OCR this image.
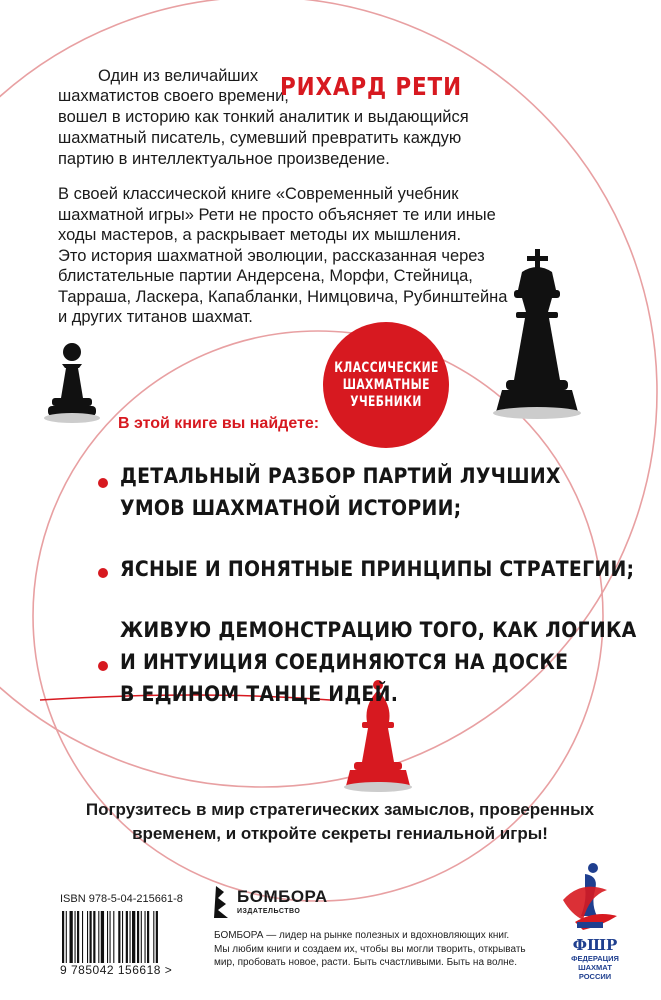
Один из величайших
шахматистов своего времени,
вошел в историю как тонкий аналитик и выдающийся
шахматный писатель, сумевший превратить каждую
партию в интеллектуальное произведение.
РИХАРД РЕТИ
В своей классической книге «Современный учебник
шахматной игры» Рети не просто объясняет те или иные
ходы мастеров, а раскрывает методы их мышления.
Это история шахматной эволюции, рассказанная через
блистательные партии Андерсена, Морфи, Стейница,
Тарраша, Ласкера, Капабланки, Нимцовича, Рубинштейна
и других титанов шахмат.
КЛАССИЧЕСКИЕ
ШАХМАТНЫЕ
УЧЕБНИКИ
В этой книге вы найдете:
ДЕТАЛЬНЫЙ РАЗБОР ПАРТИЙ ЛУЧШИХ
УМОВ ШАХМАТНОЙ ИСТОРИИ;
ЯСНЫЕ И ПОНЯТНЫЕ ПРИНЦИПЫ СТРАТЕГИИ;
ЖИВУЮ ДЕМОНСТРАЦИЮ ТОГО, КАК ЛОГИКА
И ИНТУИЦИЯ СОЕДИНЯЮТСЯ НА ДОСКЕ
В ЕДИНОМ ТАНЦЕ ИДЕЙ.
Погрузитесь в мир стратегических замыслов, проверенных
временем, и откройте секреты гениальной игры!
ISBN 978-5-04-215661-8
9 785042 156618 >
БОМБОРА
ИЗДАТЕЛЬСТВО
БОМБОРА — лидер на рынке полезных и вдохновляющих книг.
Мы любим книги и создаем их, чтобы вы могли творить, открывать
мир, пробовать новое, расти. Быть счастливыми. Быть на волне.
ФШР
ФЕДЕРАЦИЯ
ШАХМАТ
РОССИИ
